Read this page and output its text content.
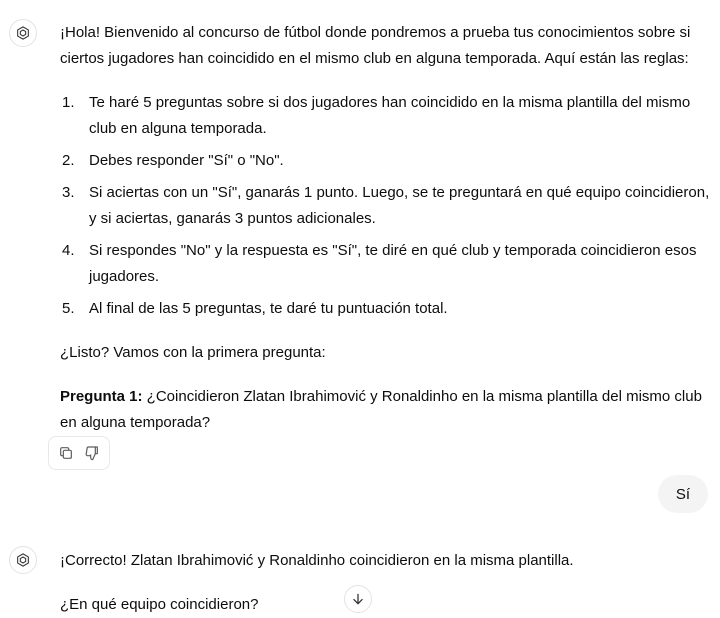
¡Hola! Bienvenido al concurso de fútbol donde pondremos a prueba tus conocimientos sobre si ciertos jugadores han coincidido en el mismo club en alguna temporada. Aquí están las reglas:

1. Te haré 5 preguntas sobre si dos jugadores han coincidido en la misma plantilla del mismo club en alguna temporada.
2. Debes responder "Sí" o "No".
3. Si aciertas con un "Sí", ganarás 1 punto. Luego, se te preguntará en qué equipo coincidieron, y si aciertas, ganarás 3 puntos adicionales.
4. Si respondes "No" y la respuesta es "Sí", te diré en qué club y temporada coincidieron esos jugadores.
5. Al final de las 5 preguntas, te daré tu puntuación total.

¿Listo? Vamos con la primera pregunta:

Pregunta 1: ¿Coincidieron Zlatan Ibrahimović y Ronaldinho en la misma plantilla del mismo club en alguna temporada?

Sí

¡Correcto! Zlatan Ibrahimović y Ronaldinho coincidieron en la misma plantilla.

¿En qué equipo coincidieron?
